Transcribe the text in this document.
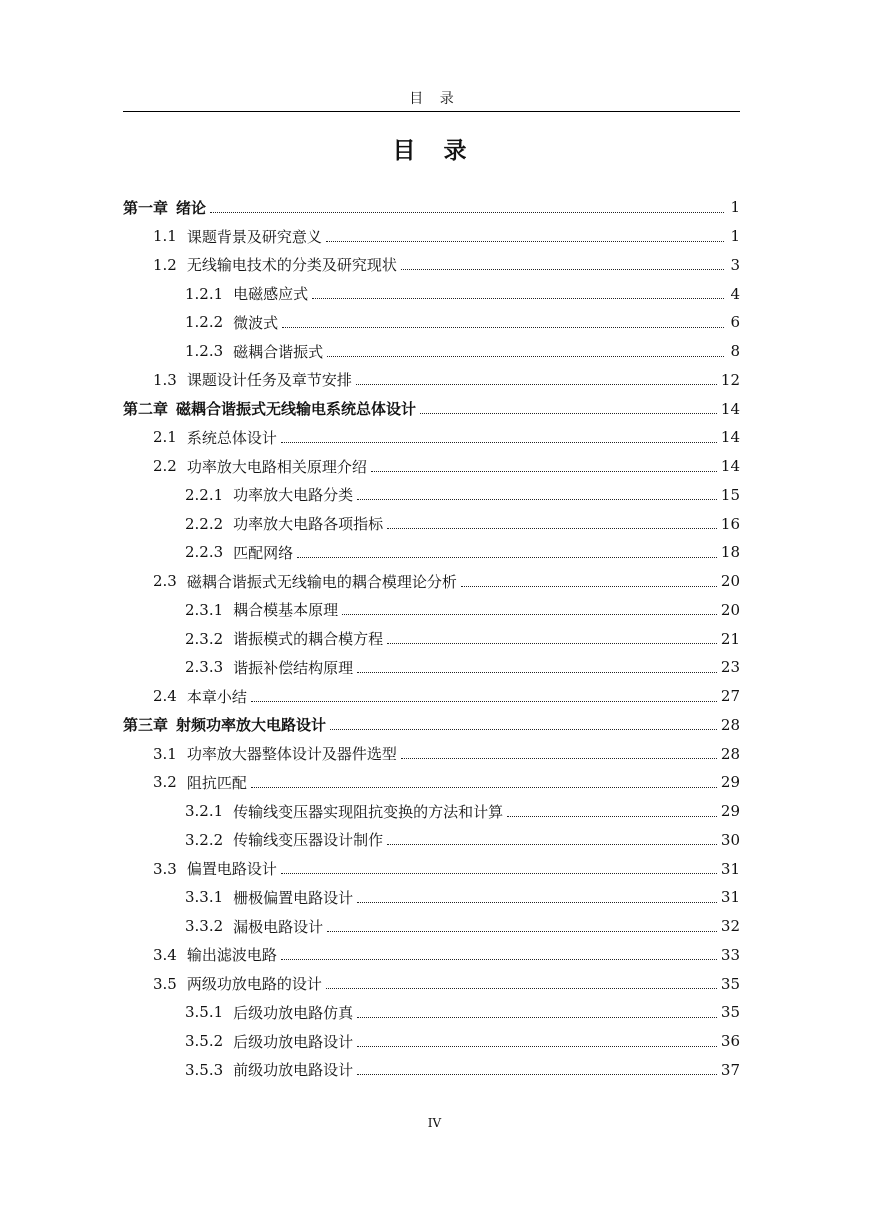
目 录
目 录
第一章 绪论	1
1.1 课题背景及研究意义	1
1.2 无线输电技术的分类及研究现状	3
1.2.1 电磁感应式	4
1.2.2 微波式	6
1.2.3 磁耦合谐振式	8
1.3 课题设计任务及章节安排	12
第二章 磁耦合谐振式无线输电系统总体设计	14
2.1 系统总体设计	14
2.2 功率放大电路相关原理介绍	14
2.2.1 功率放大电路分类	15
2.2.2 功率放大电路各项指标	16
2.2.3 匹配网络	18
2.3 磁耦合谐振式无线输电的耦合模理论分析	20
2.3.1 耦合模基本原理	20
2.3.2 谐振模式的耦合模方程	21
2.3.3 谐振补偿结构原理	23
2.4 本章小结	27
第三章 射频功率放大电路设计	28
3.1 功率放大器整体设计及器件选型	28
3.2 阻抗匹配	29
3.2.1 传输线变压器实现阻抗变换的方法和计算	29
3.2.2 传输线变压器设计制作	30
3.3 偏置电路设计	31
3.3.1 栅极偏置电路设计	31
3.3.2 漏极电路设计	32
3.4 输出滤波电路	33
3.5 两级功放电路的设计	35
3.5.1 后级功放电路仿真	35
3.5.2 后级功放电路设计	36
3.5.3 前级功放电路设计	37
IV
